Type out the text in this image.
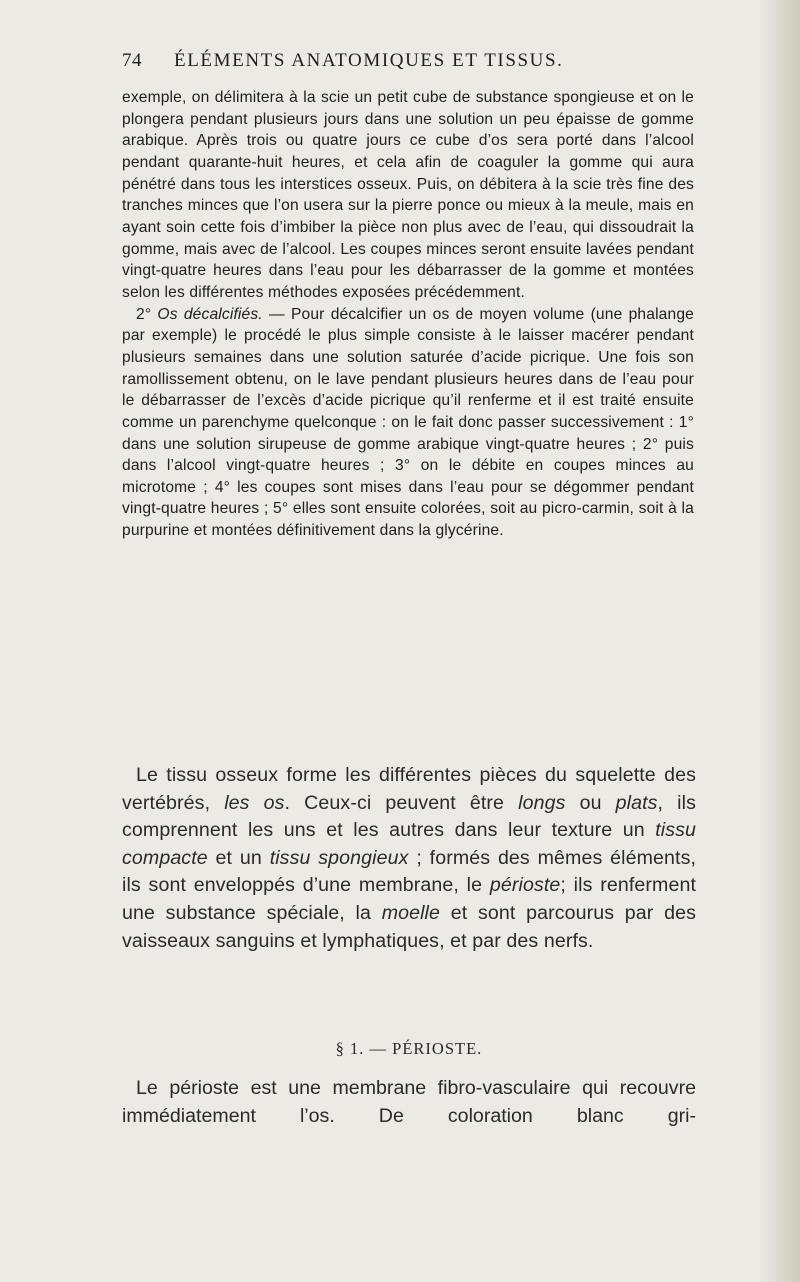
74 ÉLÉMENTS ANATOMIQUES ET TISSUS.

exemple, on délimitera à la scie un petit cube de substance spongieuse et on le plongera pendant plusieurs jours dans une solution un peu épaisse de gomme arabique. Après trois ou quatre jours ce cube d’os sera porté dans l’alcool pendant quarante-huit heures, et cela afin de coaguler la gomme qui aura pénétré dans tous les interstices osseux. Puis, on débitera à la scie très fine des tranches minces que l’on usera sur la pierre ponce ou mieux à la meule, mais en ayant soin cette fois d’imbiber la pièce non plus avec de l’eau, qui dissoudrait la gomme, mais avec de l’alcool. Les coupes minces seront ensuite lavées pendant vingt-quatre heures dans l’eau pour les débarrasser de la gomme et montées selon les différentes méthodes exposées précédemment.

2° Os décalcifiés. — Pour décalcifier un os de moyen volume (une phalange par exemple) le procédé le plus simple consiste à le laisser macérer pendant plusieurs semaines dans une solution saturée d’acide picrique. Une fois son ramollissement obtenu, on le lave pendant plusieurs heures dans de l’eau pour le débarrasser de l’excès d’acide picrique qu’il renferme et il est traité ensuite comme un parenchyme quelconque : on le fait donc passer successivement : 1° dans une solution sirupeuse de gomme arabique vingt-quatre heures ; 2° puis dans l’alcool vingt-quatre heures ; 3° on le débite en coupes minces au microtome ; 4° les coupes sont mises dans l’eau pour se dégommer pendant vingt-quatre heures ; 5° elles sont ensuite colorées, soit au picro-carmin, soit à la purpurine et montées définitivement dans la glycérine.

Le tissu osseux forme les différentes pièces du squelette des vertébrés, les os. Ceux-ci peuvent être longs ou plats, ils comprennent les uns et les autres dans leur texture un tissu compacte et un tissu spongieux ; formés des mêmes éléments, ils sont enveloppés d’une membrane, le périoste; ils renferment une substance spéciale, la moelle et sont parcourus par des vaisseaux sanguins et lymphatiques, et par des nerfs.

§ 1. — PÉRIOSTE.

Le périoste est une membrane fibro-vasculaire qui recouvre immédiatement l’os. De coloration blanc gri-
